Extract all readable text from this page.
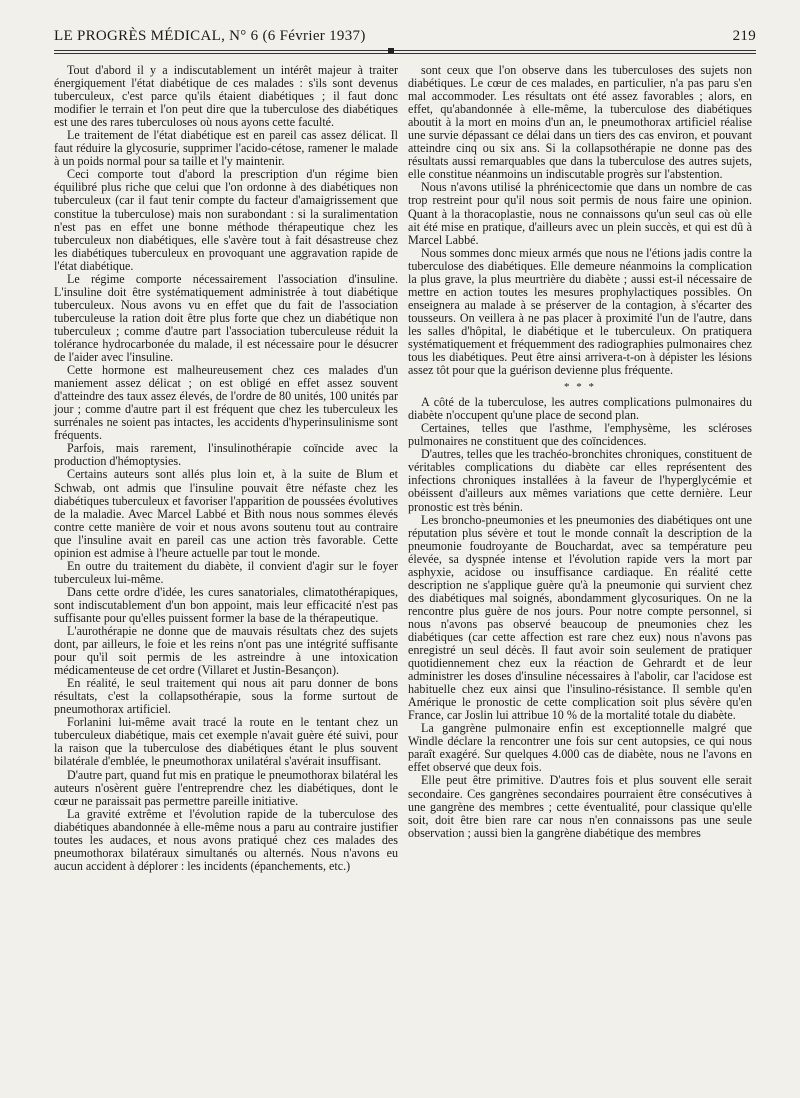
LE PROGRÈS MÉDICAL, N° 6 (6 Février 1937)	219

Tout d'abord il y a indiscutablement un intérêt majeur à traiter énergiquement l'état diabétique de ces malades : s'ils sont devenus tuberculeux, c'est parce qu'ils étaient diabétiques ; il faut donc modifier le terrain et l'on peut dire que la tuberculose des diabétiques est une des rares tuberculoses où nous ayons cette faculté.

Le traitement de l'état diabétique est en pareil cas assez délicat. Il faut réduire la glycosurie, supprimer l'acido-cétose, ramener le malade à un poids normal pour sa taille et l'y maintenir.

Ceci comporte tout d'abord la prescription d'un régime bien équilibré plus riche que celui que l'on ordonne à des diabétiques non tuberculeux (car il faut tenir compte du facteur d'amaigrissement que constitue la tuberculose) mais non surabondant : si la suralimentation n'est pas en effet une bonne méthode thérapeutique chez les tuberculeux non diabétiques, elle s'avère tout à fait désastreuse chez les diabétiques tuberculeux en provoquant une aggravation rapide de l'état diabétique.

Le régime comporte nécessairement l'association d'insuline. L'insuline doit être systématiquement administrée à tout diabétique tuberculeux. Nous avons vu en effet que du fait de l'association tuberculeuse la ration doit être plus forte que chez un diabétique non tuberculeux ; comme d'autre part l'association tuberculeuse réduit la tolérance hydrocarbonée du malade, il est nécessaire pour le désucrer de l'aider avec l'insuline.

Cette hormone est malheureusement chez ces malades d'un maniement assez délicat ; on est obligé en effet assez souvent d'atteindre des taux assez élevés, de l'ordre de 80 unités, 100 unités par jour ; comme d'autre part il est fréquent que chez les tuberculeux les surrénales ne soient pas intactes, les accidents d'hyperinsulinisme sont fréquents.

Parfois, mais rarement, l'insulinothérapie coïncide avec la production d'hémoptysies.

Certains auteurs sont allés plus loin et, à la suite de Blum et Schwab, ont admis que l'insuline pouvait être néfaste chez les diabétiques tuberculeux et favoriser l'apparition de poussées évolutives de la maladie. Avec Marcel Labbé et Bith nous nous sommes élevés contre cette manière de voir et nous avons soutenu tout au contraire que l'insuline avait en pareil cas une action très favorable. Cette opinion est admise à l'heure actuelle par tout le monde.

En outre du traitement du diabète, il convient d'agir sur le foyer tuberculeux lui-même.

Dans cette ordre d'idée, les cures sanatoriales, climatothérapiques, sont indiscutablement d'un bon appoint, mais leur efficacité n'est pas suffisante pour qu'elles puissent former la base de la thérapeutique.

L'aurothérapie ne donne que de mauvais résultats chez des sujets dont, par ailleurs, le foie et les reins n'ont pas une intégrité suffisante pour qu'il soit permis de les astreindre à une intoxication médicamenteuse de cet ordre (Villaret et Justin-Besançon).

En réalité, le seul traitement qui nous ait paru donner de bons résultats, c'est la collapsothérapie, sous la forme surtout de pneumothorax artificiel.

Forlanini lui-même avait tracé la route en le tentant chez un tuberculeux diabétique, mais cet exemple n'avait guère été suivi, pour la raison que la tuberculose des diabétiques étant le plus souvent bilatérale d'emblée, le pneumothorax unilatéral s'avérait insuffisant.

D'autre part, quand fut mis en pratique le pneumothorax bilatéral les auteurs n'osèrent guère l'entreprendre chez les diabétiques, dont le cœur ne paraissait pas permettre pareille initiative.

La gravité extrême et l'évolution rapide de la tuberculose des diabétiques abandonnée à elle-même nous a paru au contraire justifier toutes les audaces, et nous avons pratiqué chez ces malades des pneumothorax bilatéraux simultanés ou alternés. Nous n'avons eu aucun accident à déplorer : les incidents (épanchements, etc.)

sont ceux que l'on observe dans les tuberculoses des sujets non diabétiques. Le cœur de ces malades, en particulier, n'a pas paru s'en mal accommoder. Les résultats ont été assez favorables ; alors, en effet, qu'abandonnée à elle-même, la tuberculose des diabétiques aboutit à la mort en moins d'un an, le pneumothorax artificiel réalise une survie dépassant ce délai dans un tiers des cas environ, et pouvant atteindre cinq ou six ans. Si la collapsothérapie ne donne pas des résultats aussi remarquables que dans la tuberculose des autres sujets, elle constitue néanmoins un indiscutable progrès sur l'abstention.

Nous n'avons utilisé la phrénicectomie que dans un nombre de cas trop restreint pour qu'il nous soit permis de nous faire une opinion. Quant à la thoracoplastie, nous ne connaissons qu'un seul cas où elle ait été mise en pratique, d'ailleurs avec un plein succès, et qui est dû à Marcel Labbé.

Nous sommes donc mieux armés que nous ne l'étions jadis contre la tuberculose des diabétiques. Elle demeure néanmoins la complication la plus grave, la plus meurtrière du diabète ; aussi est-il nécessaire de mettre en action toutes les mesures prophylactiques possibles. On enseignera au malade à se préserver de la contagion, à s'écarter des tousseurs. On veillera à ne pas placer à proximité l'un de l'autre, dans les salles d'hôpital, le diabétique et le tuberculeux. On pratiquera systématiquement et fréquemment des radiographies pulmonaires chez tous les diabétiques. Peut être ainsi arrivera-t-on à dépister les lésions assez tôt pour que la guérison devienne plus fréquente.

* * *

A côté de la tuberculose, les autres complications pulmonaires du diabète n'occupent qu'une place de second plan.

Certaines, telles que l'asthme, l'emphysème, les scléroses pulmonaires ne constituent que des coïncidences.

D'autres, telles que les trachéo-bronchites chroniques, constituent de véritables complications du diabète car elles représentent des infections chroniques installées à la faveur de l'hyperglycémie et obéissent d'ailleurs aux mêmes variations que cette dernière. Leur pronostic est très bénin.

Les broncho-pneumonies et les pneumonies des diabétiques ont une réputation plus sévère et tout le monde connaît la description de la pneumonie foudroyante de Bouchardat, avec sa température peu élevée, sa dyspnée intense et l'évolution rapide vers la mort par asphyxie, acidose ou insuffisance cardiaque. En réalité cette description ne s'applique guère qu'à la pneumonie qui survient chez des diabétiques mal soignés, abondamment glycosuriques. On ne la rencontre plus guère de nos jours. Pour notre compte personnel, si nous n'avons pas observé beaucoup de pneumonies chez les diabétiques (car cette affection est rare chez eux) nous n'avons pas enregistré un seul décès. Il faut avoir soin seulement de pratiquer quotidiennement chez eux la réaction de Gehrardt et de leur administrer les doses d'insuline nécessaires à l'abolir, car l'acidose est habituelle chez eux ainsi que l'insulino-résistance. Il semble qu'en Amérique le pronostic de cette complication soit plus sévère qu'en France, car Joslin lui attribue 10 % de la mortalité totale du diabète.

La gangrène pulmonaire enfin est exceptionnelle malgré que Windle déclare la rencontrer une fois sur cent autopsies, ce qui nous paraît exagéré. Sur quelques 4.000 cas de diabète, nous ne l'avons en effet observé que deux fois.

Elle peut être primitive. D'autres fois et plus souvent elle serait secondaire. Ces gangrènes secondaires pourraient être consécutives à une gangrène des membres ; cette éventualité, pour classique qu'elle soit, doit être bien rare car nous n'en connaissons pas une seule observation ; aussi bien la gangrène diabétique des membres
